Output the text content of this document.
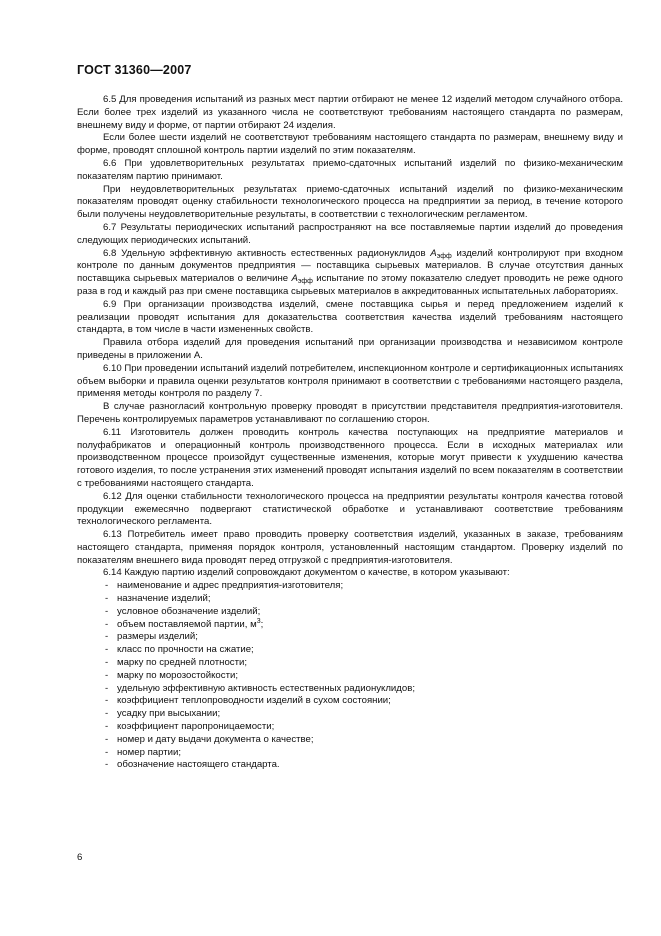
ГОСТ 31360—2007

6.5 Для проведения испытаний из разных мест партии отбирают не менее 12 изделий методом случайного отбора. Если более трех изделий из указанного числа не соответствуют требованиям настоящего стандарта по размерам, внешнему виду и форме, от партии отбирают 24 изделия.

Если более шести изделий не соответствуют требованиям настоящего стандарта по размерам, внешнему виду и форме, проводят сплошной контроль партии изделий по этим показателям.

6.6 При удовлетворительных результатах приемо-сдаточных испытаний изделий по физико-механическим показателям партию принимают.

При неудовлетворительных результатах приемо-сдаточных испытаний изделий по физико-механическим показателям проводят оценку стабильности технологического процесса на предприятии за период, в течение которого были получены неудовлетворительные результаты, в соответствии с технологическим регламентом.

6.7 Результаты периодических испытаний распространяют на все поставляемые партии изделий до проведения следующих периодических испытаний.

6.8 Удельную эффективную активность естественных радионуклидов $A_{эфф}$ изделий контролируют при входном контроле по данным документов предприятия — поставщика сырьевых материалов. В случае отсутствия данных поставщика сырьевых материалов о величине $A_{эфф}$ испытание по этому показателю следует проводить не реже одного раза в год и каждый раз при смене поставщика сырьевых материалов в аккредитованных испытательных лабораториях.

6.9 При организации производства изделий, смене поставщика сырья и перед предложением изделий к реализации проводят испытания для доказательства соответствия качества изделий требованиям настоящего стандарта, в том числе в части измененных свойств.

Правила отбора изделий для проведения испытаний при организации производства и независимом контроле приведены в приложении А.

6.10 При проведении испытаний изделий потребителем, инспекционном контроле и сертификационных испытаниях объем выборки и правила оценки результатов контроля принимают в соответствии с требованиями настоящего раздела, применяя методы контроля по разделу 7.

В случае разногласий контрольную проверку проводят в присутствии представителя предприятия-изготовителя. Перечень контролируемых параметров устанавливают по соглашению сторон.

6.11 Изготовитель должен проводить контроль качества поступающих на предприятие материалов и полуфабрикатов и операционный контроль производственного процесса. Если в исходных материалах или производственном процессе произойдут существенные изменения, которые могут привести к ухудшению качества готового изделия, то после устранения этих изменений проводят испытания изделий по всем показателям в соответствии с требованиями настоящего стандарта.

6.12 Для оценки стабильности технологического процесса на предприятии результаты контроля качества готовой продукции ежемесячно подвергают статистической обработке и устанавливают соответствие требованиям технологического регламента.

6.13 Потребитель имеет право проводить проверку соответствия изделий, указанных в заказе, требованиям настоящего стандарта, применяя порядок контроля, установленный настоящим стандартом. Проверку изделий по показателям внешнего вида проводят перед отгрузкой с предприятия-изготовителя.

6.14 Каждую партию изделий сопровождают документом о качестве, в котором указывают:

- наименование и адрес предприятия-изготовителя;
- назначение изделий;
- условное обозначение изделий;
- объем поставляемой партии, $м^3$;
- размеры изделий;
- класс по прочности на сжатие;
- марку по средней плотности;
- марку по морозостойкости;
- удельную эффективную активность естественных радионуклидов;
- коэффициент теплопроводности изделий в сухом состоянии;
- усадку при высыхании;
- коэффициент паропроницаемости;
- номер и дату выдачи документа о качестве;
- номер партии;
- обозначение настоящего стандарта.
6
